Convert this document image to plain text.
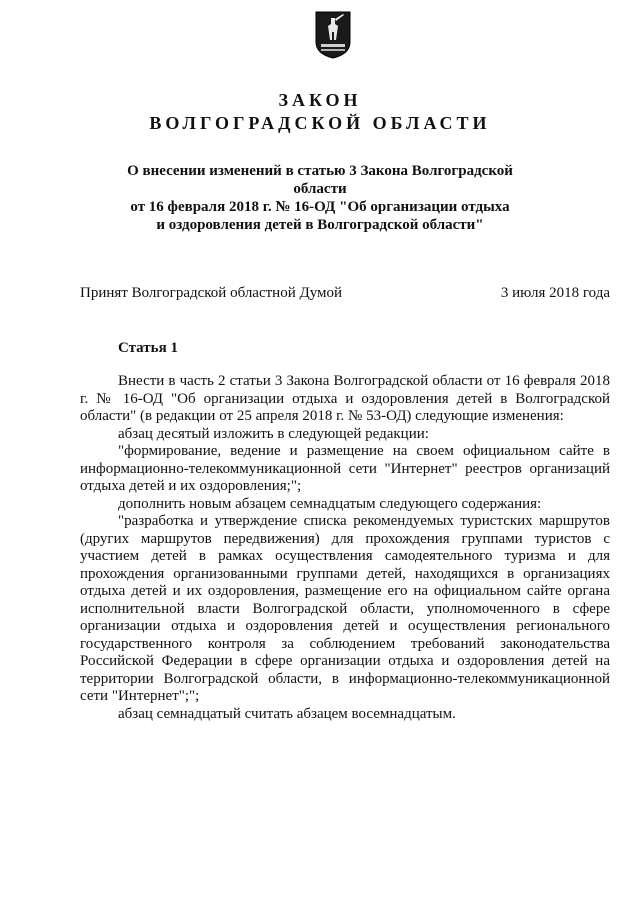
ЗАКОН
ВОЛГОГРАДСКОЙ ОБЛАСТИ
О внесении изменений в статью 3 Закона Волгоградской области
от 16 февраля 2018 г. № 16-ОД "Об организации отдыха
и оздоровления детей в Волгоградской области"
Принят Волгоградской областной Думой	3 июля 2018 года
Статья 1

Внести в часть 2 статьи 3 Закона Волгоградской области от 16 февраля 2018 г. № 16-ОД "Об организации отдыха и оздоровления детей в Волгоградской области" (в редакции от 25 апреля 2018 г. № 53-ОД) следующие изменения:

абзац десятый изложить в следующей редакции:

"формирование, ведение и размещение на своем официальном сайте в информационно-телекоммуникационной сети "Интернет" реестров организаций отдыха детей и их оздоровления;";

дополнить новым абзацем семнадцатым следующего содержания:

"разработка и утверждение списка рекомендуемых туристских маршрутов (других маршрутов передвижения) для прохождения группами туристов с участием детей в рамках осуществления самодеятельного туризма и для прохождения организованными группами детей, находящихся в организациях отдыха детей и их оздоровления, размещение его на официальном сайте органа исполнительной власти Волгоградской области, уполномоченного в сфере организации отдыха и оздоровления детей и осуществления регионального государственного контроля за соблюдением требований законодательства Российской Федерации в сфере организации отдыха и оздоровления детей на территории Волгоградской области, в информационно-телекоммуникационной сети "Интернет";";

абзац семнадцатый считать абзацем восемнадцатым.
